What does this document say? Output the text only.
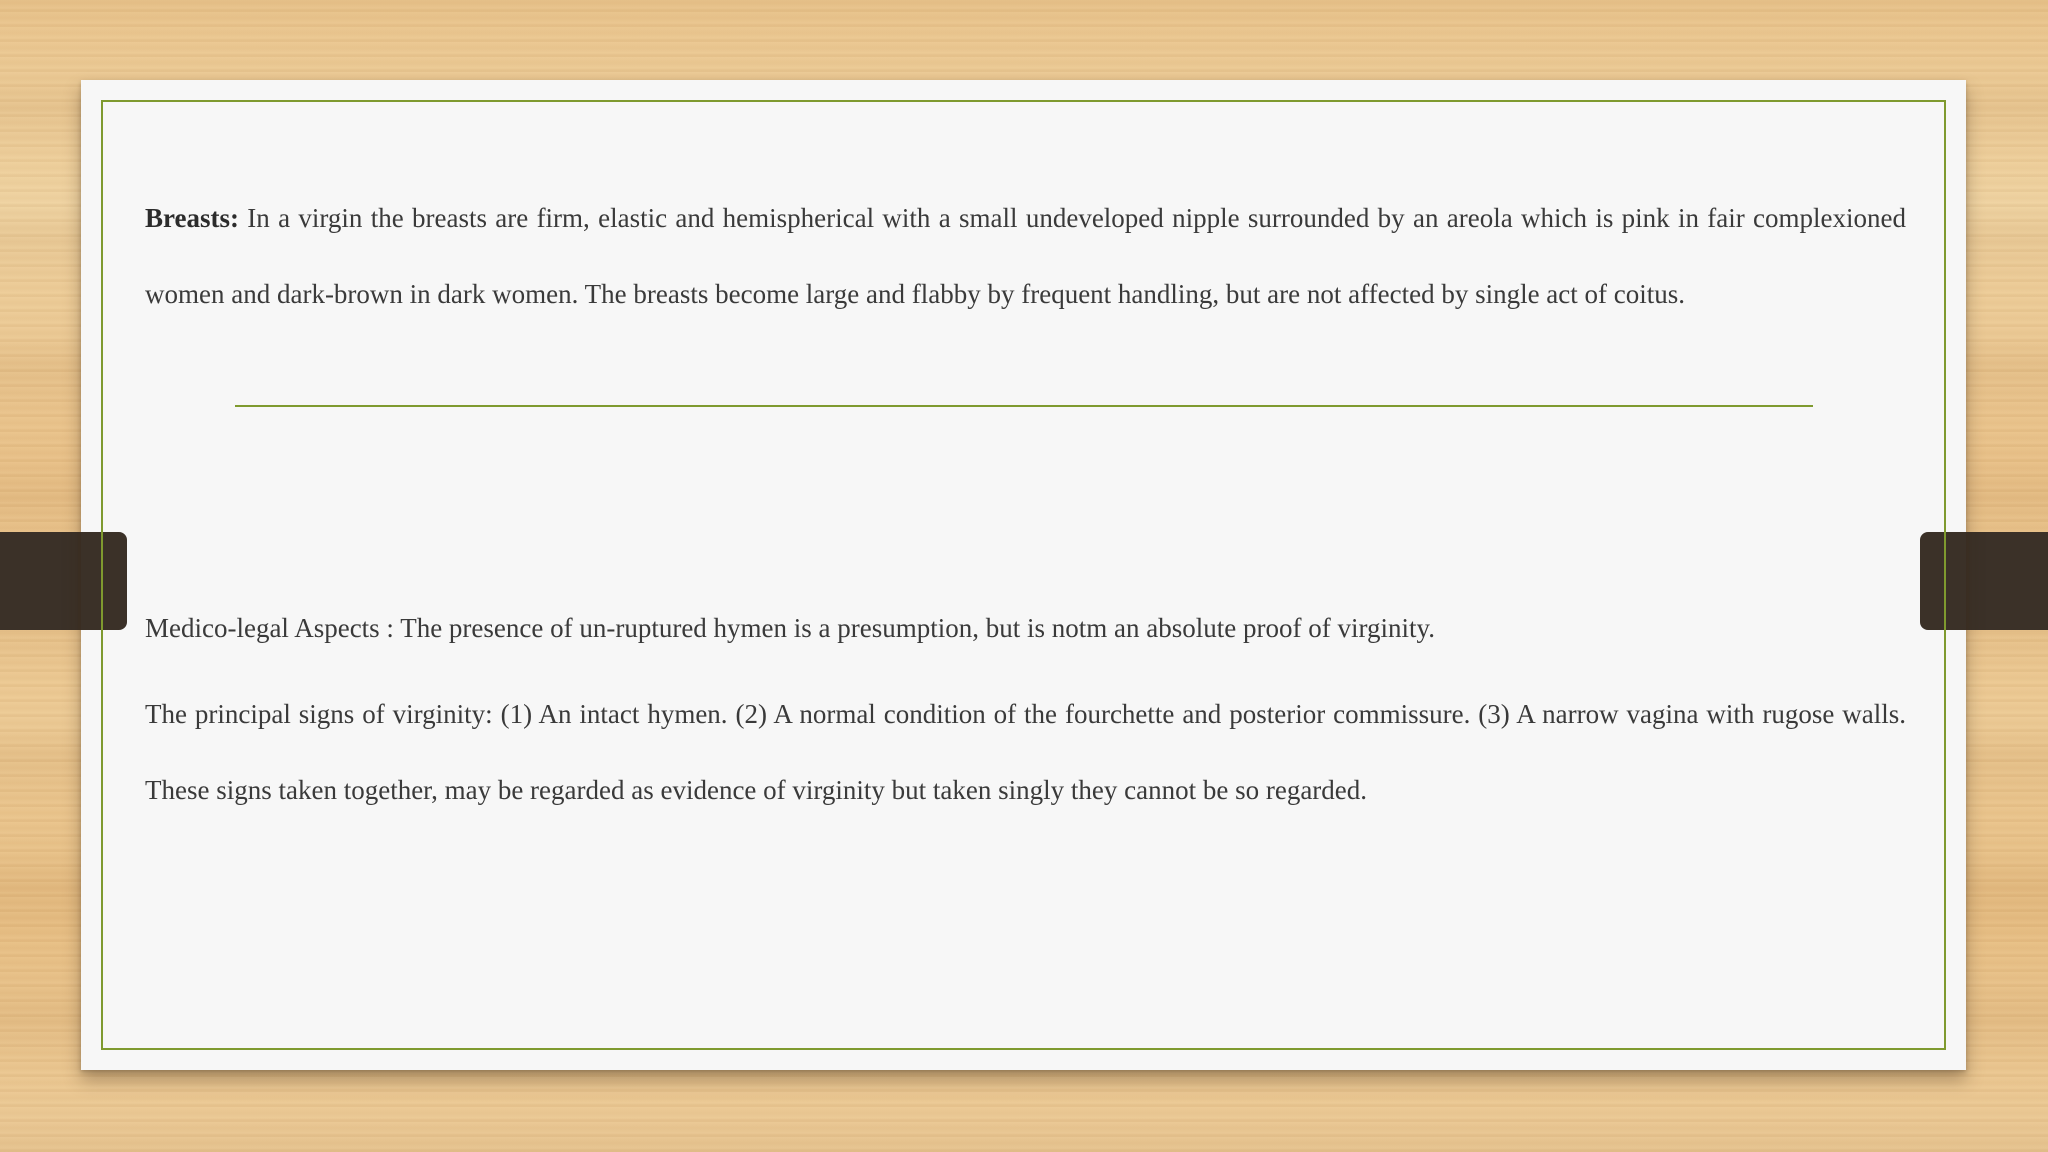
Breasts: In a virgin the breasts are firm, elastic and hemispherical with a small undeveloped nipple surrounded by an areola which is pink in fair complexioned women and dark-brown in dark women. The breasts become large and flabby by frequent handling, but are not affected by single act of coitus.

Medico-legal Aspects : The presence of un-ruptured hymen is a presumption, but is notm an absolute proof of virginity.

The principal signs of virginity: (1) An intact hymen. (2) A normal condition of the fourchette and posterior commissure. (3) A narrow vagina with rugose walls. These signs taken together, may be regarded as evidence of virginity but taken singly they cannot be so regarded.
